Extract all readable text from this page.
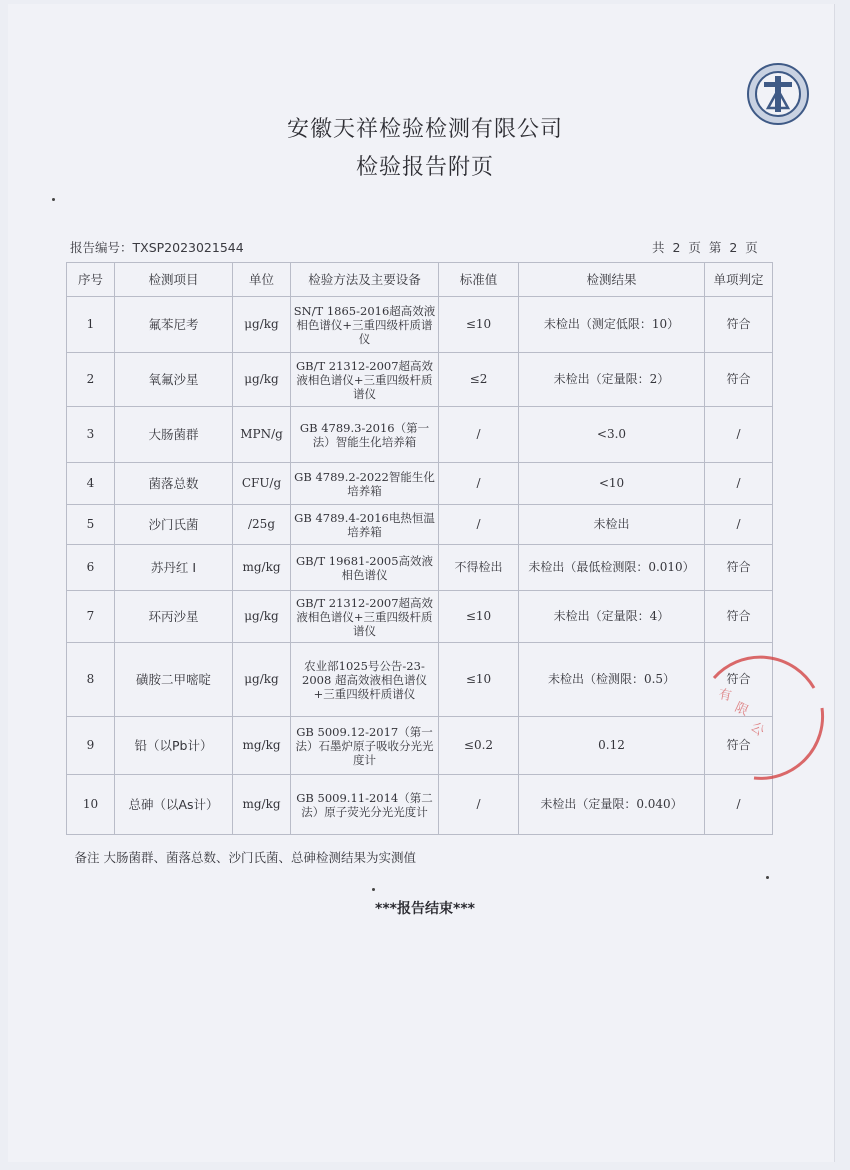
安徽天祥检验检测有限公司
检验报告附页
报告编号：TXSP2023021544	共 2 页 第 2 页
序号	检测项目	单位	检验方法及主要设备	标准值	检测结果	单项判定
1	氟苯尼考	μg/kg	SN/T 1865-2016超高效液相色谱仪+三重四级杆质谱仪	≤10	未检出（测定低限：10）	符合
2	氧氟沙星	μg/kg	GB/T 21312-2007超高效液相色谱仪+三重四级杆质谱仪	≤2	未检出（定量限：2）	符合
3	大肠菌群	MPN/g	GB 4789.3-2016（第一法）智能生化培养箱	/	<3.0	/
4	菌落总数	CFU/g	GB 4789.2-2022智能生化培养箱	/	<10	/
5	沙门氏菌	/25g	GB 4789.4-2016电热恒温培养箱	/	未检出	/
6	苏丹红 I	mg/kg	GB/T 19681-2005高效液相色谱仪	不得检出	未检出（最低检测限：0.010）	符合
7	环丙沙星	μg/kg	GB/T 21312-2007超高效液相色谱仪+三重四级杆质谱仪	≤10	未检出（定量限：4）	符合
8	磺胺二甲嘧啶	μg/kg	农业部1025号公告-23-2008 超高效液相色谱仪+三重四级杆质谱仪	≤10	未检出（检测限：0.5）	符合
9	铅（以Pb计）	mg/kg	GB 5009.12-2017（第一法）石墨炉原子吸收分光光度计	≤0.2	0.12	符合
10	总砷（以As计）	mg/kg	GB 5009.11-2014（第二法）原子荧光分光光度计	/	未检出（定量限：0.040）	/
备注 大肠菌群、菌落总数、沙门氏菌、总砷检测结果为实测值						
***报告结束***
限
公
有
